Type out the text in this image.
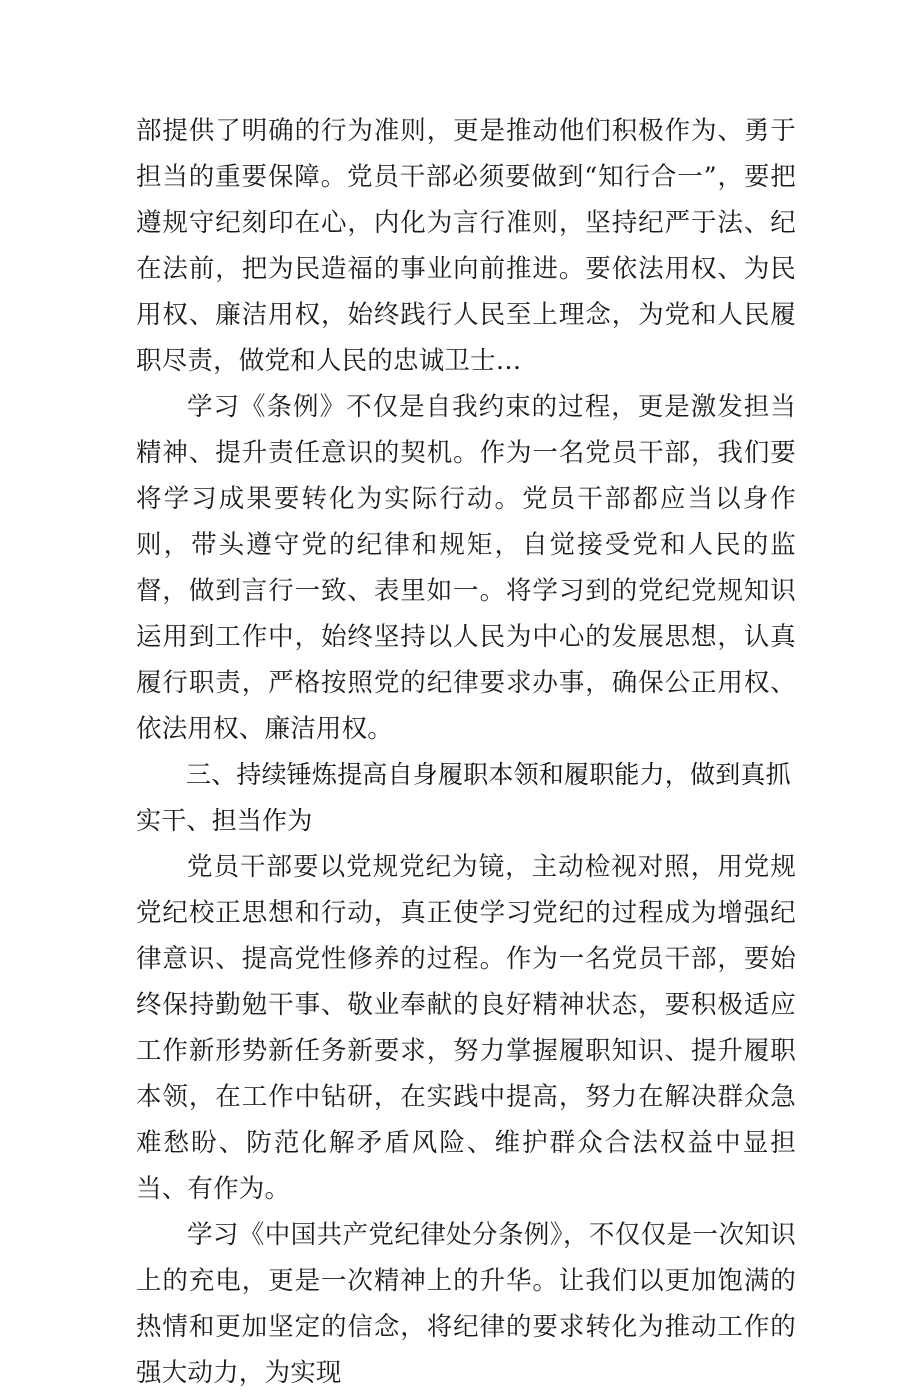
部提供了明确的行为准则，更是推动他们积极作为、勇于担当的重要保障。党员干部必须要做到“知行合一”，要把遵规守纪刻印在心，内化为言行准则，坚持纪严于法、纪在法前，把为民造福的事业向前推进。要依法用权、为民用权、廉洁用权，始终践行人民至上理念，为党和人民履职尽责，做党和人民的忠诚卫士…

学习《条例》不仅是自我约束的过程，更是激发担当精神、提升责任意识的契机。作为一名党员干部，我们要将学习成果要转化为实际行动。党员干部都应当以身作则，带头遵守党的纪律和规矩，自觉接受党和人民的监督，做到言行一致、表里如一。将学习到的党纪党规知识运用到工作中，始终坚持以人民为中心的发展思想，认真履行职责，严格按照党的纪律要求办事，确保公正用权、依法用权、廉洁用权。

三、持续锤炼提高自身履职本领和履职能力，做到真抓实干、担当作为

党员干部要以党规党纪为镜，主动检视对照，用党规党纪校正思想和行动，真正使学习党纪的过程成为增强纪律意识、提高党性修养的过程。作为一名党员干部，要始终保持勤勉干事、敬业奉献的良好精神状态，要积极适应工作新形势新任务新要求，努力掌握履职知识、提升履职本领，在工作中钻研，在实践中提高，努力在解决群众急难愁盼、防范化解矛盾风险、维护群众合法权益中显担当、有作为。

学习《中国共产党纪律处分条例》，不仅仅是一次知识上的充电，更是一次精神上的升华。让我们以更加饱满的热情和更加坚定的信念，将纪律的要求转化为推动工作的强大动力，为实现
